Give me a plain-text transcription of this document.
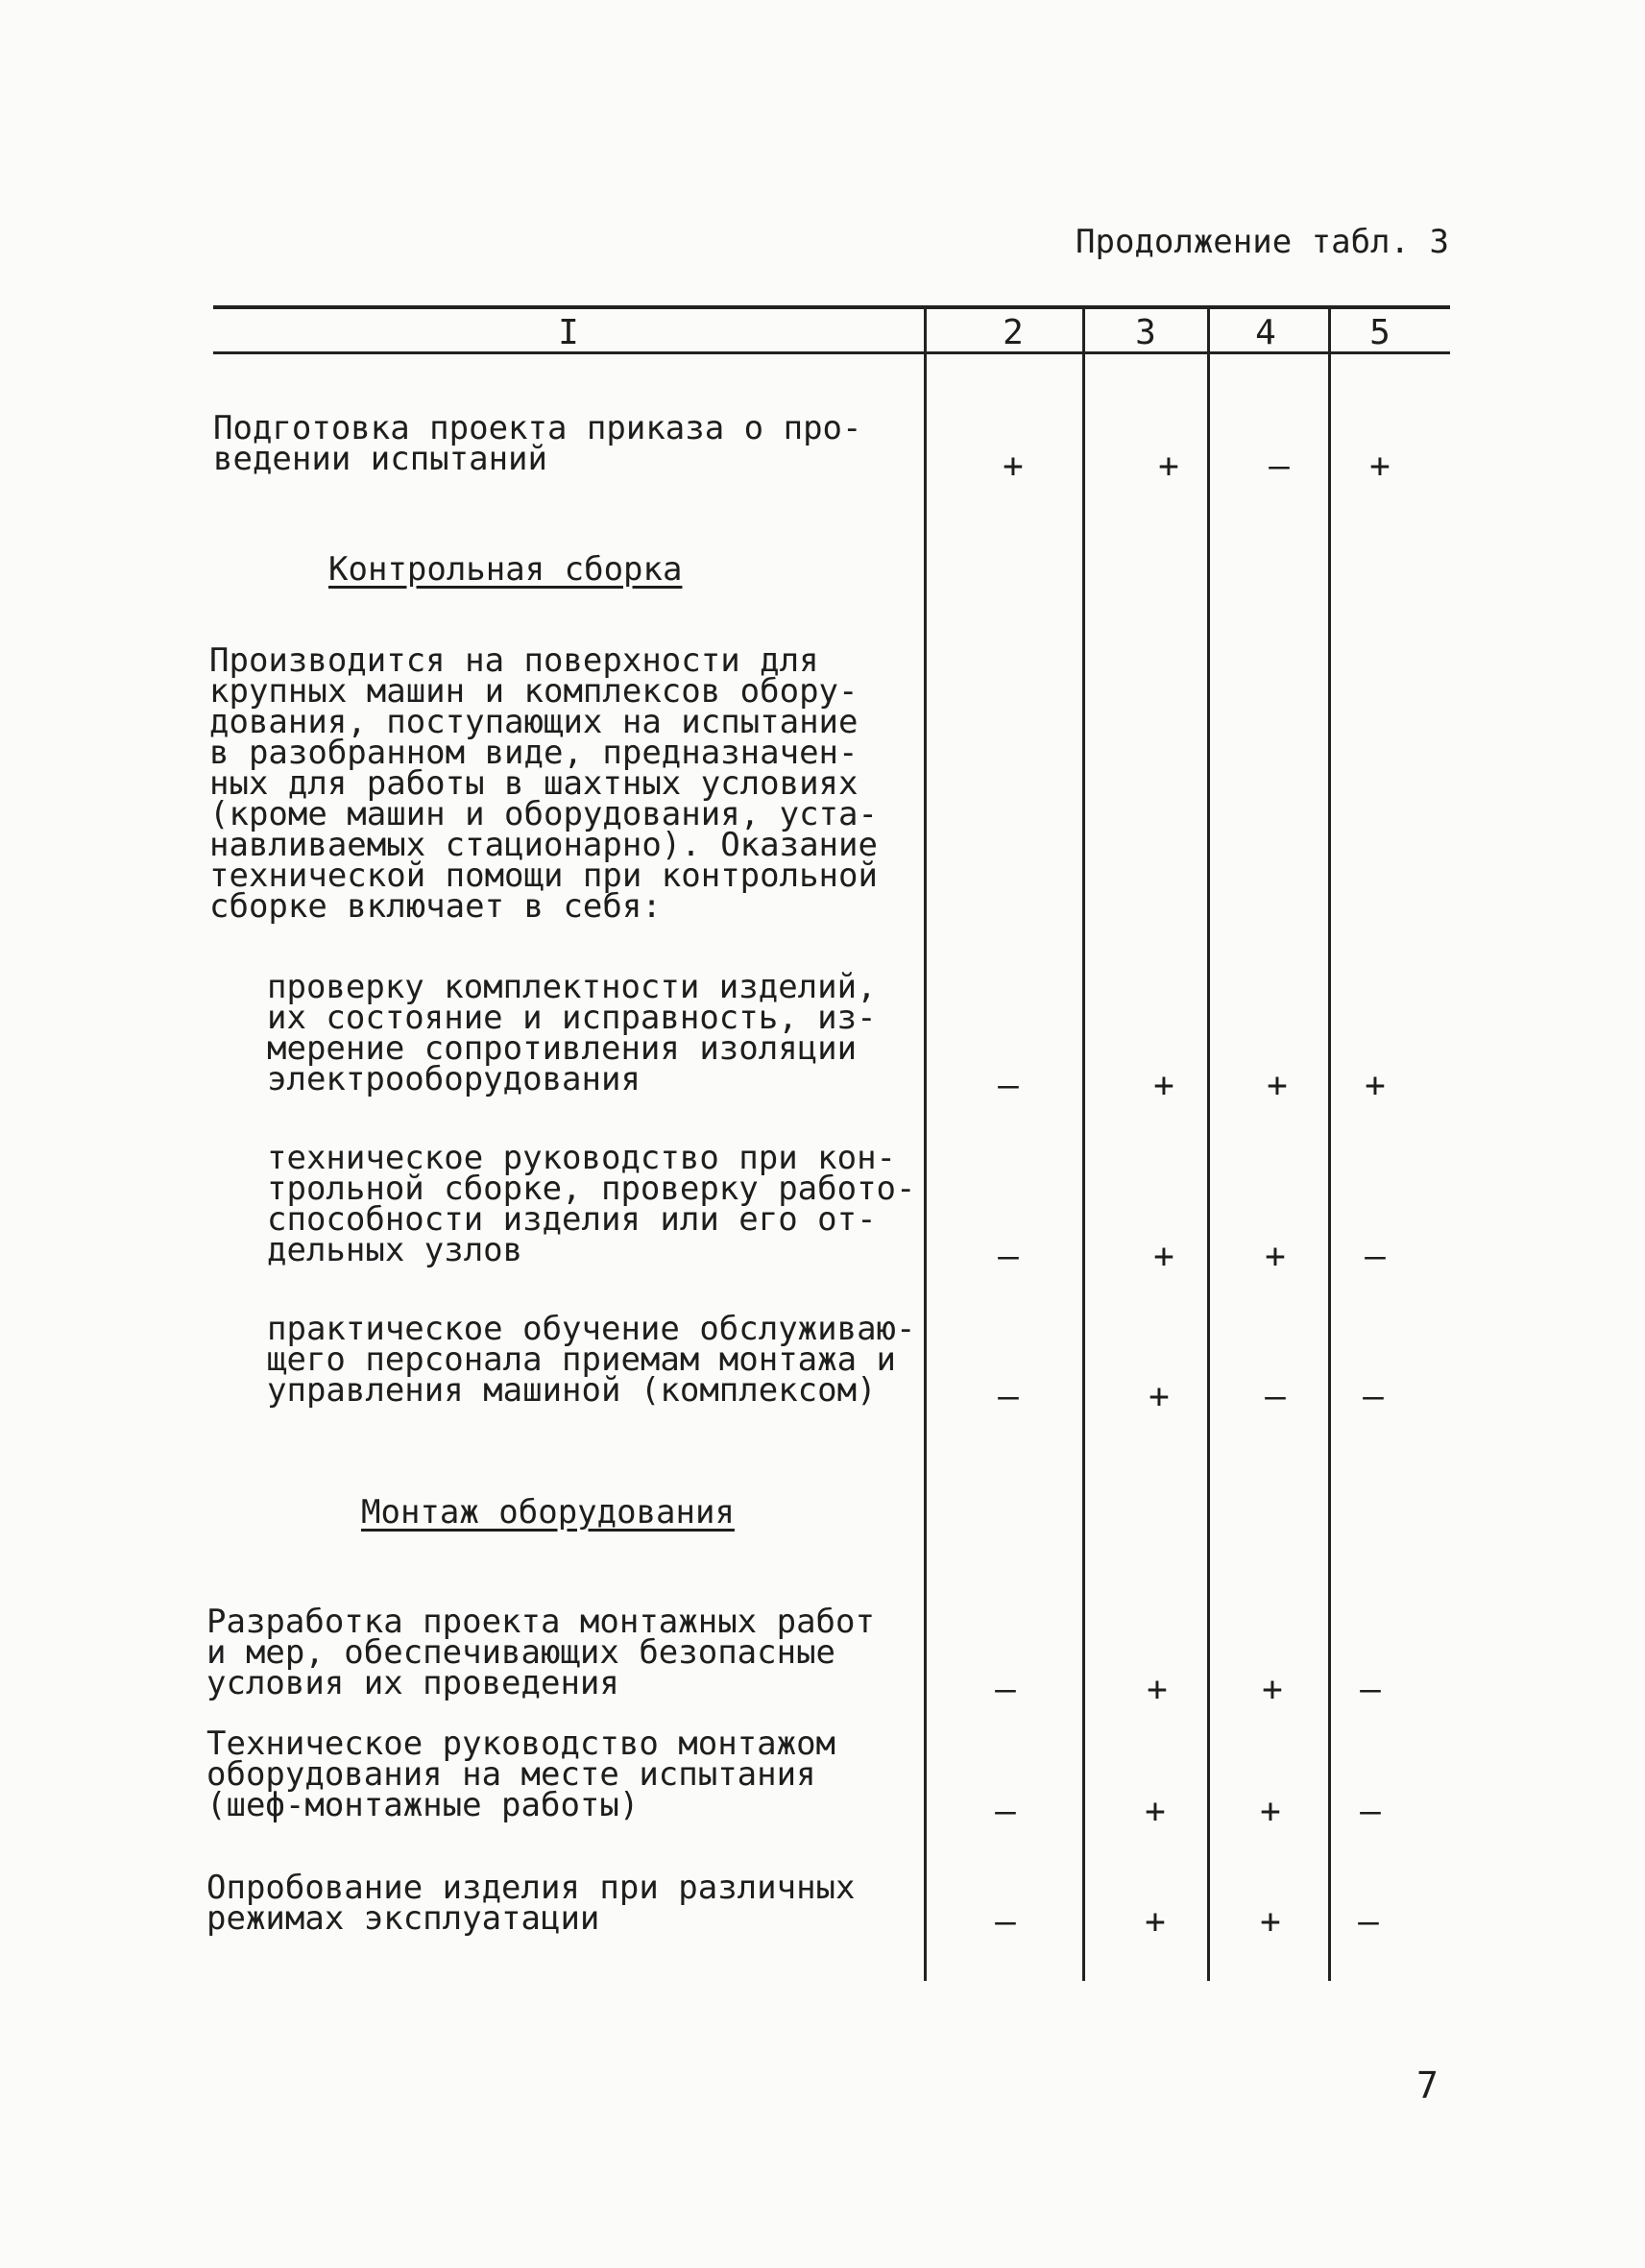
Продолжение табл. 3
I	2	3	4	5
Подготовка проекта приказа о про-
ведении испытаний	+	+	– +
Контрольная сборка
Производится на поверхности для
крупных машин и комплексов обору-
дования, поступающих на испытание
в разобранном виде, предназначен-
ных для работы в шахтных условиях
(кроме машин и оборудования, уста-
навливаемых стационарно). Оказание
технической помощи при контрольной
сборке включает в себя:
проверку комплектности изделий,
их состояние и исправность, из-
мерение сопротивления изоляции
электрооборудования	–	+	+ +
техническое руководство при кон-
трольной сборке, проверку работо-
способности изделия или его от-
дельных узлов	–	+	+ –
практическое обучение обслуживаю-
щего персонала приемам монтажа и
управления машиной (комплексом)	–	+	– –
Монтаж оборудования
Разработка проекта монтажных работ
и мер, обеспечивающих безопасные
условия их проведения	–	+	+ –
Техническое руководство монтажом
оборудования на месте испытания
(шеф-монтажные работы)	–	+	+ –
Опробование изделия при различных
режимах эксплуатации	–	+	+ –
7
